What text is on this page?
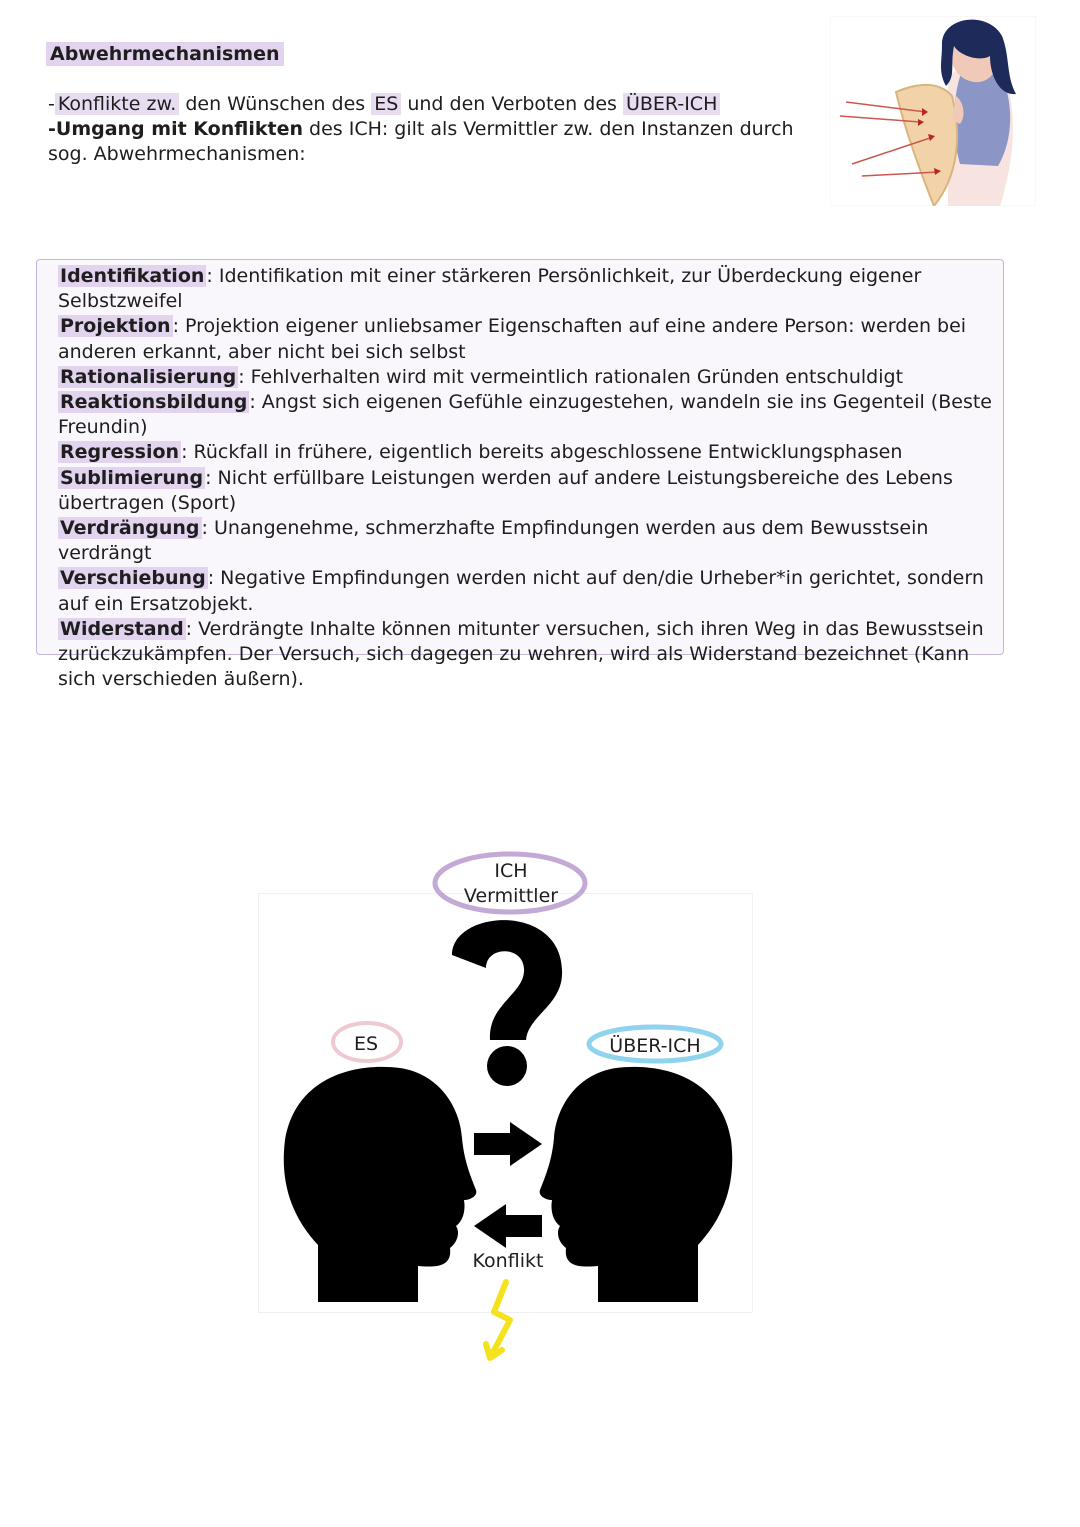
Abwehrmechanismen
- Konflikte zw. den Wünschen des ES und den Verboten des ÜBER-ICH
-Umgang mit Konflikten des ICH: gilt als Vermittler zw. den Instanzen durch sog. Abwehrmechanismen:
Identifikation : Identifikation mit einer stärkeren Persönlichkeit, zur Überdeckung eigener Selbstzweifel
Projektion : Projektion eigener unliebsamer Eigenschaften auf eine andere Person: werden bei anderen erkannt, aber nicht bei sich selbst
Rationalisierung : Fehlverhalten wird mit vermeintlich rationalen Gründen entschuldigt
Reaktionsbildung : Angst sich eigenen Gefühle einzugestehen, wandeln sie ins Gegenteil (Beste Freundin)
Regression : Rückfall in frühere, eigentlich bereits abgeschlossene Entwicklungsphasen
Sublimierung : Nicht erfüllbare Leistungen werden auf andere Leistungsbereiche des Lebens übertragen (Sport)
Verdrängung : Unangenehme, schmerzhafte Empfindungen werden aus dem Bewusstsein verdrängt
Verschiebung : Negative Empfindungen werden nicht auf den/die Urheber*in gerichtet, sondern auf ein Ersatzobjekt.
Widerstand : Verdrängte Inhalte können mitunter versuchen, sich ihren Weg in das Bewusstsein zurückzukämpfen. Der Versuch, sich dagegen zu wehren, wird als Widerstand bezeichnet (Kann sich verschieden äußern).
ICH
Vermittler
ES	ÜBER-ICH
Konflikt
